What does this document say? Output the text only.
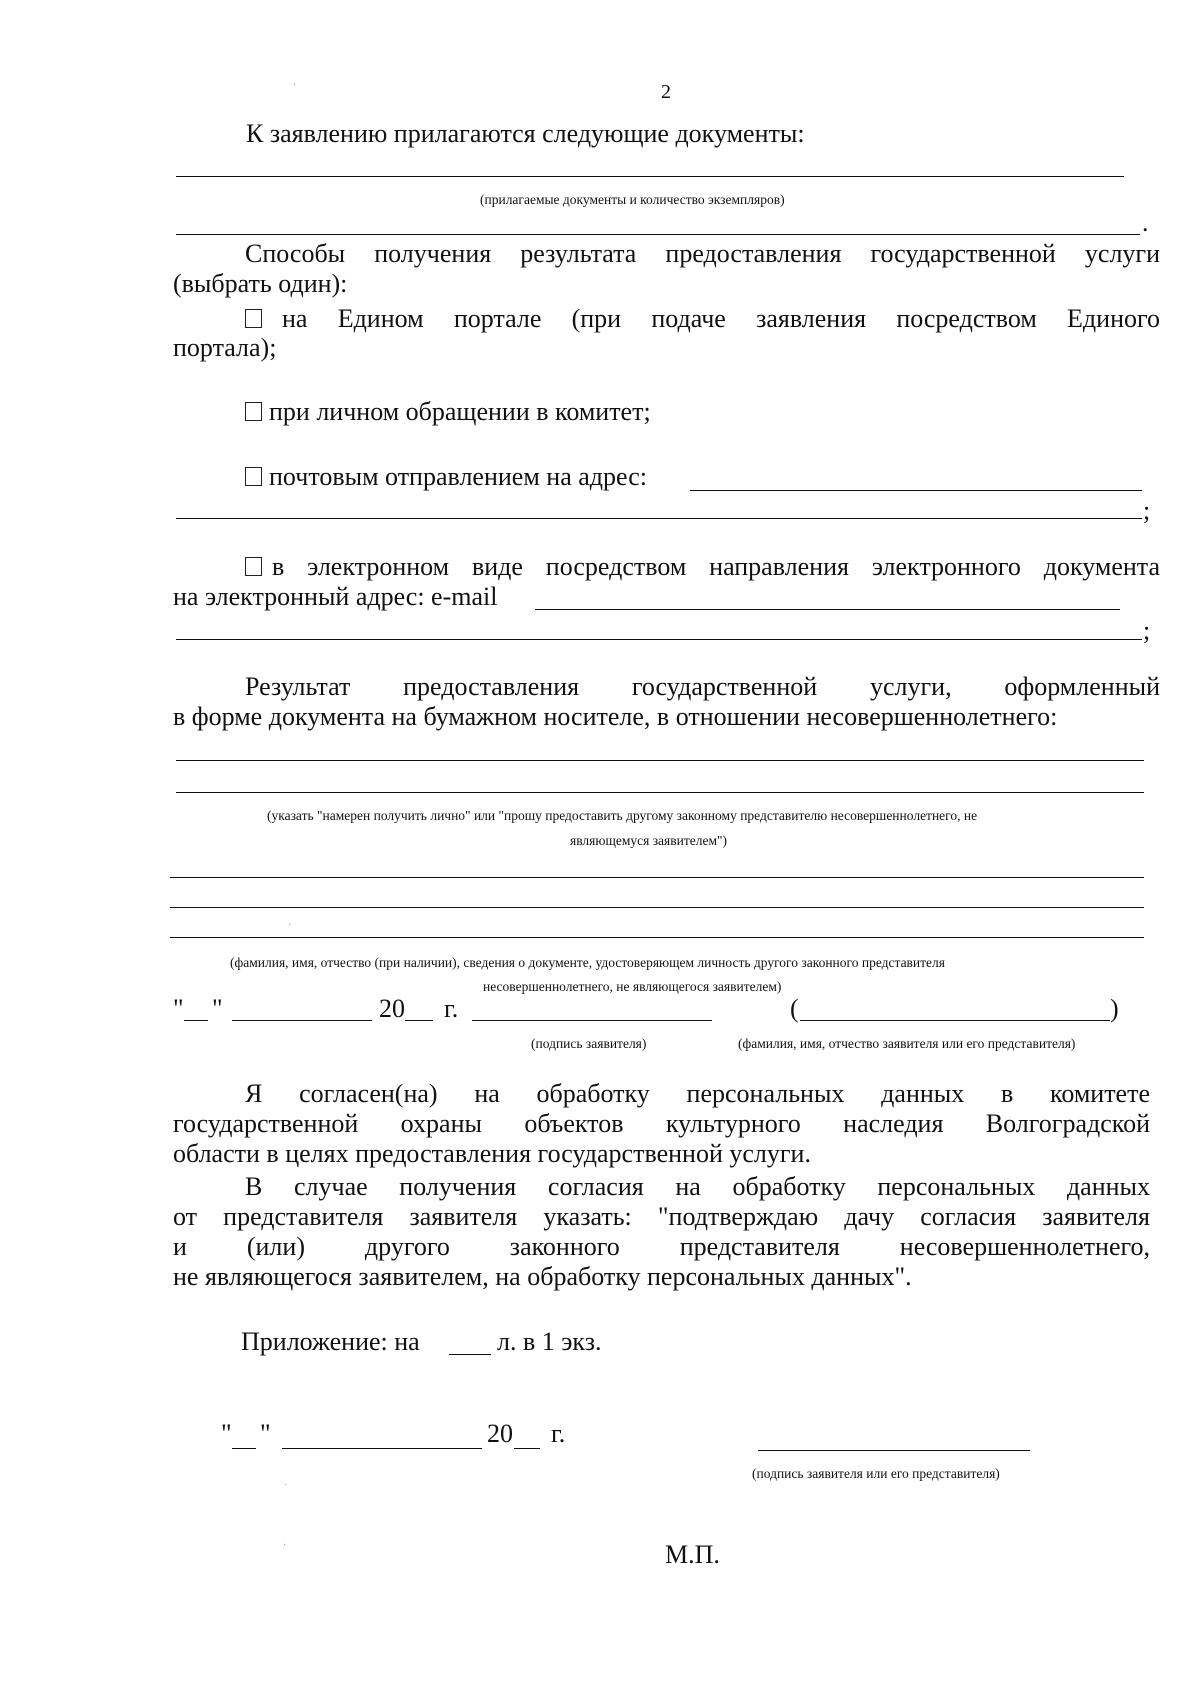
2
К заявлению прилагаются следующие документы:
(прилагаемые документы и количество экземпляров)
.
Способы получения результата предоставления государственной услуги
(выбрать один):
на Едином портале (при подаче заявления посредством Единого
портала);
при личном обращении в комитет;
почтовым отправлением на адрес:
;
в электронном виде посредством направления электронного документа
на электронный адрес: e-mail
;
Результат предоставления государственной услуги, оформленный
в форме документа на бумажном носителе, в отношении несовершеннолетнего:
(указать "намерен получить лично" или "прошу предоставить другому законному представителю несовершеннолетнего, не
являющемуся заявителем")
(фамилия, имя, отчество (при наличии), сведения о документе, удостоверяющем личность другого законного представителя
несовершеннолетнего, не являющегося заявителем)
" "	20 г.	(	)
(подпись заявителя)	(фамилия, имя, отчество заявителя или его представителя)
Я согласен(на) на обработку персональных данных в комитете
государственной охраны объектов культурного наследия Волгоградской
области в целях предоставления государственной услуги.
В случае получения согласия на обработку персональных данных
от представителя заявителя указать: "подтверждаю дачу согласия заявителя
и (или) другого законного представителя несовершеннолетнего,
не являющегося заявителем, на обработку персональных данных".
Приложение: на	л. в 1 экз.
" "	20 г.
(подпись заявителя или его представителя)
М.П.
·
·
·
·
